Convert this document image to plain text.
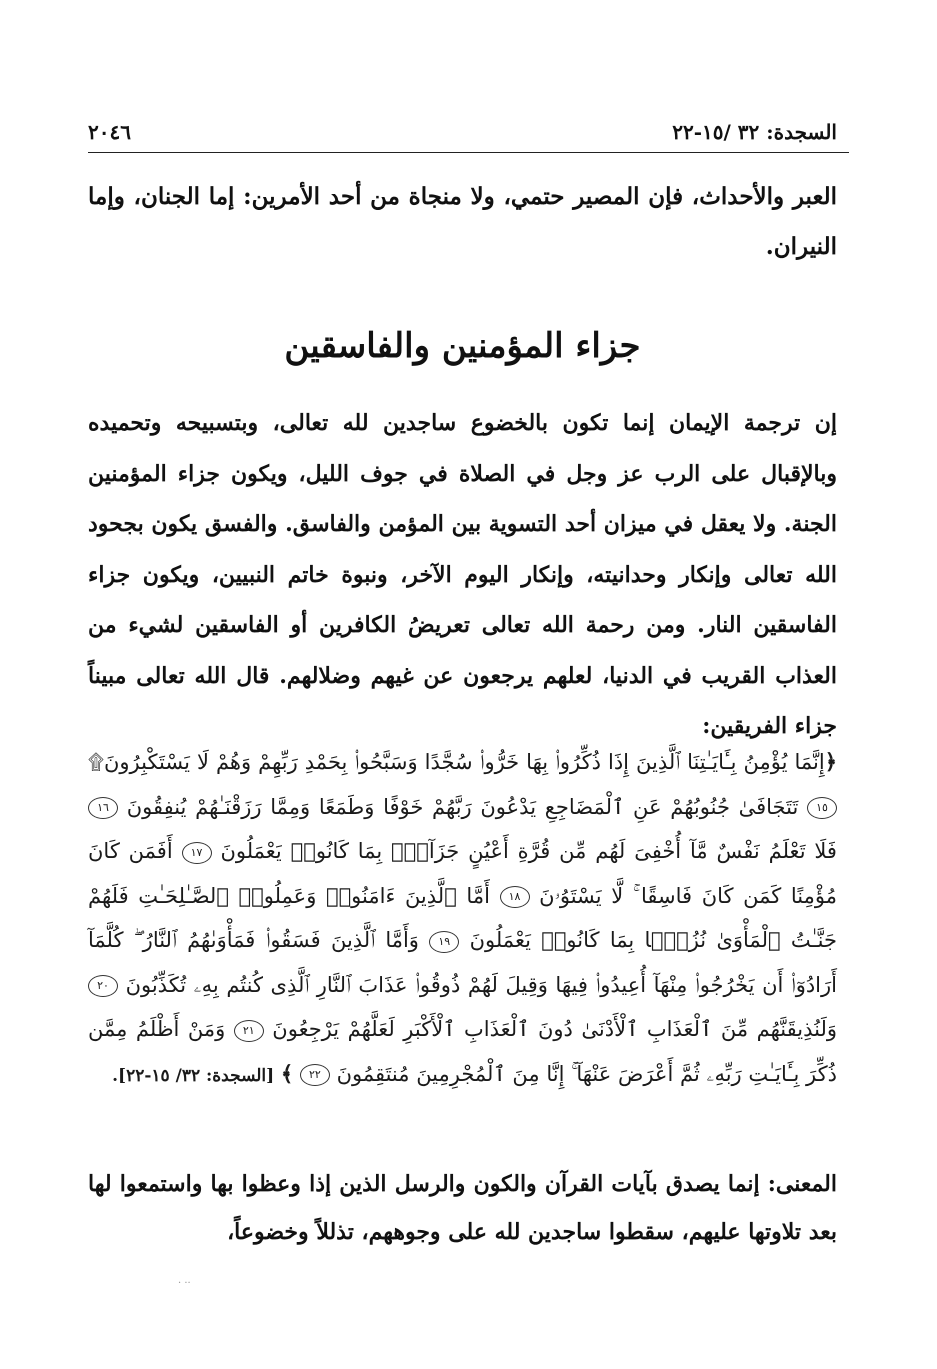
السجدة: ٣٢ /١٥-٢٢
٢٠٤٦

العبر والأحداث، فإن المصير حتمي، ولا منجاة من أحد الأمرين: إما الجنان، وإما النيران.

جزاء المؤمنين والفاسقين

إن ترجمة الإيمان إنما تكون بالخضوع ساجدين لله تعالى، وبتسبيحه وتحميده وبالإقبال على الرب عز وجل في الصلاة في جوف الليل، ويكون جزاء المؤمنين الجنة. ولا يعقل في ميزان أحد التسوية بين المؤمن والفاسق. والفسق يكون بجحود الله تعالى وإنكار وحدانيته، وإنكار اليوم الآخر، ونبوة خاتم النبيين، ويكون جزاء الفاسقين النار. ومن رحمة الله تعالى تعريضُ الكافرين أو الفاسقين لشيء من العذاب القريب في الدنيا، لعلهم يرجعون عن غيهم وضلالهم. قال الله تعالى مبيناً جزاء الفريقين:

﴿إِنَّمَا يُؤْمِنُ بِـَٔايَـٰتِنَا ٱلَّذِينَ إِذَا ذُكِّرُوا۟ بِهَا خَرُّوا۟ سُجَّدًا وَسَبَّحُوا۟ بِحَمْدِ رَبِّهِمْ وَهُمْ لَا يَسْتَكْبِرُونَ۩ ١٥ تَتَجَافَىٰ جُنُوبُهُمْ عَنِ ٱلْمَضَاجِعِ يَدْعُونَ رَبَّهُمْ خَوْفًا وَطَمَعًا وَمِمَّا رَزَقْنَـٰهُمْ يُنفِقُونَ ١٦ فَلَا تَعْلَمُ نَفْسٌ مَّآ أُخْفِىَ لَهُم مِّن قُرَّةِ أَعْيُنٍ جَزَآءًۢ بِمَا كَانُوا۟ يَعْمَلُونَ ١٧ أَفَمَن كَانَ مُؤْمِنًا كَمَن كَانَ فَاسِقًا ۚ لَّا يَسْتَوُۥنَ ١٨ أَمَّا ٱلَّذِينَ ءَامَنُوا۟ وَعَمِلُوا۟ ٱلصَّـٰلِحَـٰتِ فَلَهُمْ جَنَّـٰتُ ٱلْمَأْوَىٰ نُزُلًۢا بِمَا كَانُوا۟ يَعْمَلُونَ ١٩ وَأَمَّا ٱلَّذِينَ فَسَقُوا۟ فَمَأْوَىٰهُمُ ٱلنَّارُ ۖ كُلَّمَآ أَرَادُوٓا۟ أَن يَخْرُجُوا۟ مِنْهَآ أُعِيدُوا۟ فِيهَا وَقِيلَ لَهُمْ ذُوقُوا۟ عَذَابَ ٱلنَّارِ ٱلَّذِى كُنتُم بِهِۦ تُكَذِّبُونَ ٢٠ وَلَنُذِيقَنَّهُم مِّنَ ٱلْعَذَابِ ٱلْأَدْنَىٰ دُونَ ٱلْعَذَابِ ٱلْأَكْبَرِ لَعَلَّهُمْ يَرْجِعُونَ ٢١ وَمَنْ أَظْلَمُ مِمَّن ذُكِّرَ بِـَٔايَـٰتِ رَبِّهِۦ ثُمَّ أَعْرَضَ عَنْهَآ ۚ إِنَّا مِنَ ٱلْمُجْرِمِينَ مُنتَقِمُونَ ٢٢ ﴾ [السجدة: ٣٢/ ١٥-٢٢].

المعنى: إنما يصدق بآيات القرآن والكون والرسل الذين إذا وعظوا بها واستمعوا لها بعد تلاوتها عليهم، سقطوا ساجدين لله على وجوههم، تذللاً وخضوعاً،

·· ·
